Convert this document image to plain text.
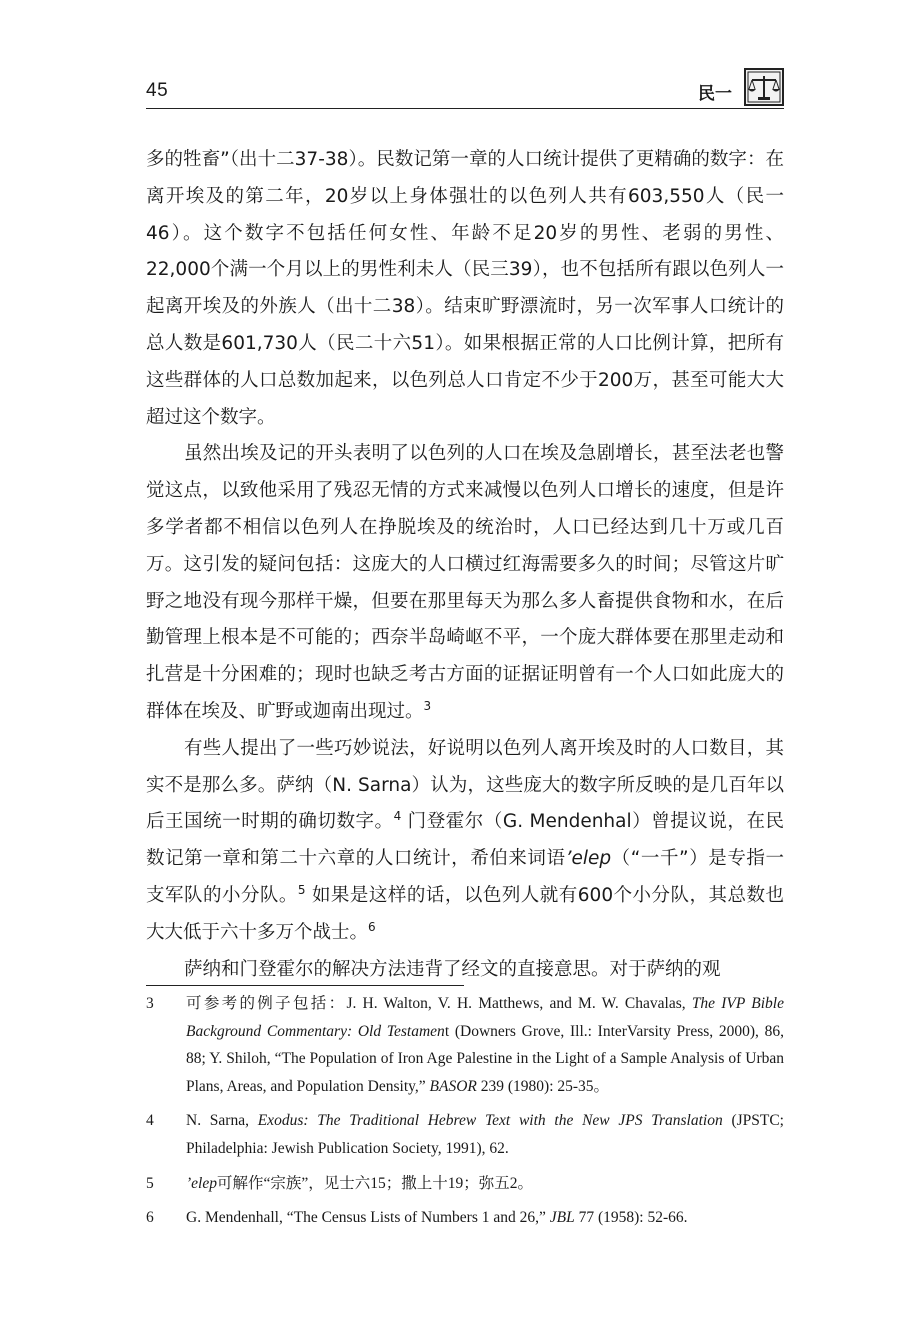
45	民一

多的牲畜”（出十二37-38）。民数记第一章的人口统计提供了更精确的数字：在离开埃及的第二年，20岁以上身体强壮的以色列人共有603,550人（民一46）。这个数字不包括任何女性、年龄不足20岁的男性、老弱的男性、22,000个满一个月以上的男性利未人（民三39），也不包括所有跟以色列人一起离开埃及的外族人（出十二38）。结束旷野漂流时，另一次军事人口统计的总人数是601,730人（民二十六51）。如果根据正常的人口比例计算，把所有这些群体的人口总数加起来，以色列总人口肯定不少于200万，甚至可能大大超过这个数字。

虽然出埃及记的开头表明了以色列的人口在埃及急剧增长，甚至法老也警觉这点，以致他采用了残忍无情的方式来减慢以色列人口增长的速度，但是许多学者都不相信以色列人在挣脱埃及的统治时，人口已经达到几十万或几百万。这引发的疑问包括：这庞大的人口横过红海需要多久的时间；尽管这片旷野之地没有现今那样干燥，但要在那里每天为那么多人畜提供食物和水，在后勤管理上根本是不可能的；西奈半岛崎岖不平，一个庞大群体要在那里走动和扎营是十分困难的；现时也缺乏考古方面的证据证明曾有一个人口如此庞大的群体在埃及、旷野或迦南出现过。$^3$

有些人提出了一些巧妙说法，好说明以色列人离开埃及时的人口数目，其实不是那么多。萨纳（N. Sarna）认为，这些庞大的数字所反映的是几百年以后王国统一时期的确切数字。$^4$ 门登霍尔（G. Mendenhal）曾提议说，在民数记第一章和第二十六章的人口统计，希伯来词语’elep（“一千”）是专指一支军队的小分队。$^5$ 如果是这样的话，以色列人就有600个小分队，其总数也大大低于六十多万个战士。$^6$

萨纳和门登霍尔的解决方法违背了经文的直接意思。对于萨纳的观

3	可参考的例子包括：J. H. Walton, V. H. Matthews, and M. W. Chavalas, The IVP Bible Background Commentary: Old Testament (Downers Grove, Ill.: InterVarsity Press, 2000), 86, 88; Y. Shiloh, “The Population of Iron Age Palestine in the Light of a Sample Analysis of Urban Plans, Areas, and Population Density,” BASOR 239 (1980): 25-35。
4	N. Sarna, Exodus: The Traditional Hebrew Text with the New JPS Translation (JPSTC; Philadelphia: Jewish Publication Society, 1991), 62.
5	’elep可解作“宗族”，见士六15；撒上十19；弥五2。
6	G. Mendenhall, “The Census Lists of Numbers 1 and 26,” JBL 77 (1958): 52-66.
